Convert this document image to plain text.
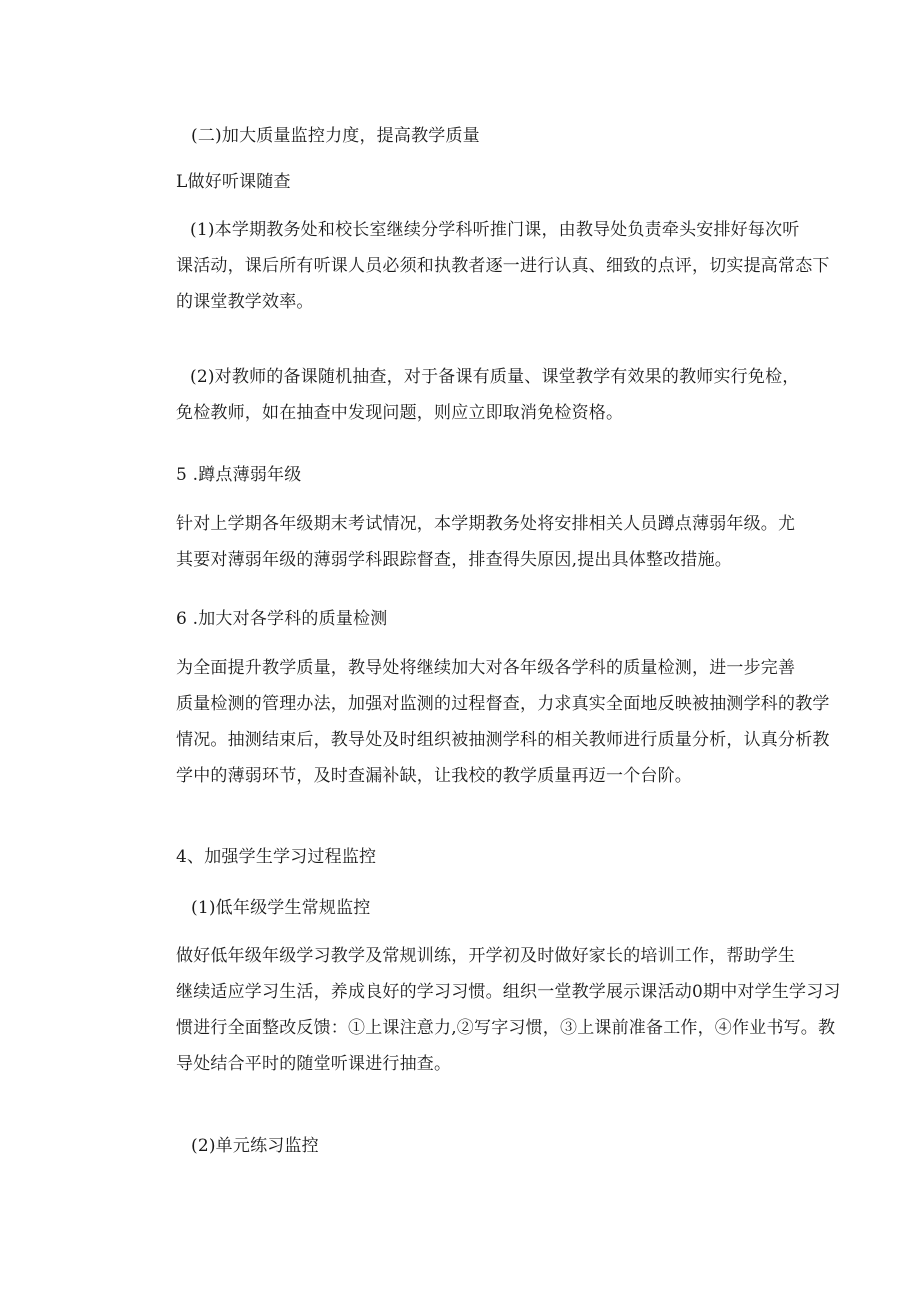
(二)加大质量监控力度，提高教学质量
L做好听课随查
(1)本学期教务处和校长室继续分学科听推门课，由教导处负责牵头安排好每次听
课活动，课后所有听课人员必须和执教者逐一进行认真、细致的点评，切实提高常态下
的课堂教学效率。
(2)对教师的备课随机抽查，对于备课有质量、课堂教学有效果的教师实行免检，
免检教师，如在抽查中发现问题，则应立即取消免检资格。
5 .蹲点薄弱年级
针对上学期各年级期末考试情况，本学期教务处将安排相关人员蹲点薄弱年级。尤
其要对薄弱年级的薄弱学科跟踪督查，排查得失原因,提出具体整改措施。
6 .加大对各学科的质量检测
为全面提升教学质量，教导处将继续加大对各年级各学科的质量检测，进一步完善
质量检测的管理办法，加强对监测的过程督查，力求真实全面地反映被抽测学科的教学
情况。抽测结束后，教导处及时组织被抽测学科的相关教师进行质量分析，认真分析教
学中的薄弱环节，及时查漏补缺，让我校的教学质量再迈一个台阶。
4、加强学生学习过程监控
(1)低年级学生常规监控
做好低年级年级学习教学及常规训练，开学初及时做好家长的培训工作，帮助学生
继续适应学习生活，养成良好的学习习惯。组织一堂教学展示课活动0期中对学生学习习
惯进行全面整改反馈：①上课注意力,②写字习惯，③上课前准备工作，④作业书写。教
导处结合平时的随堂听课进行抽查。
(2)单元练习监控
